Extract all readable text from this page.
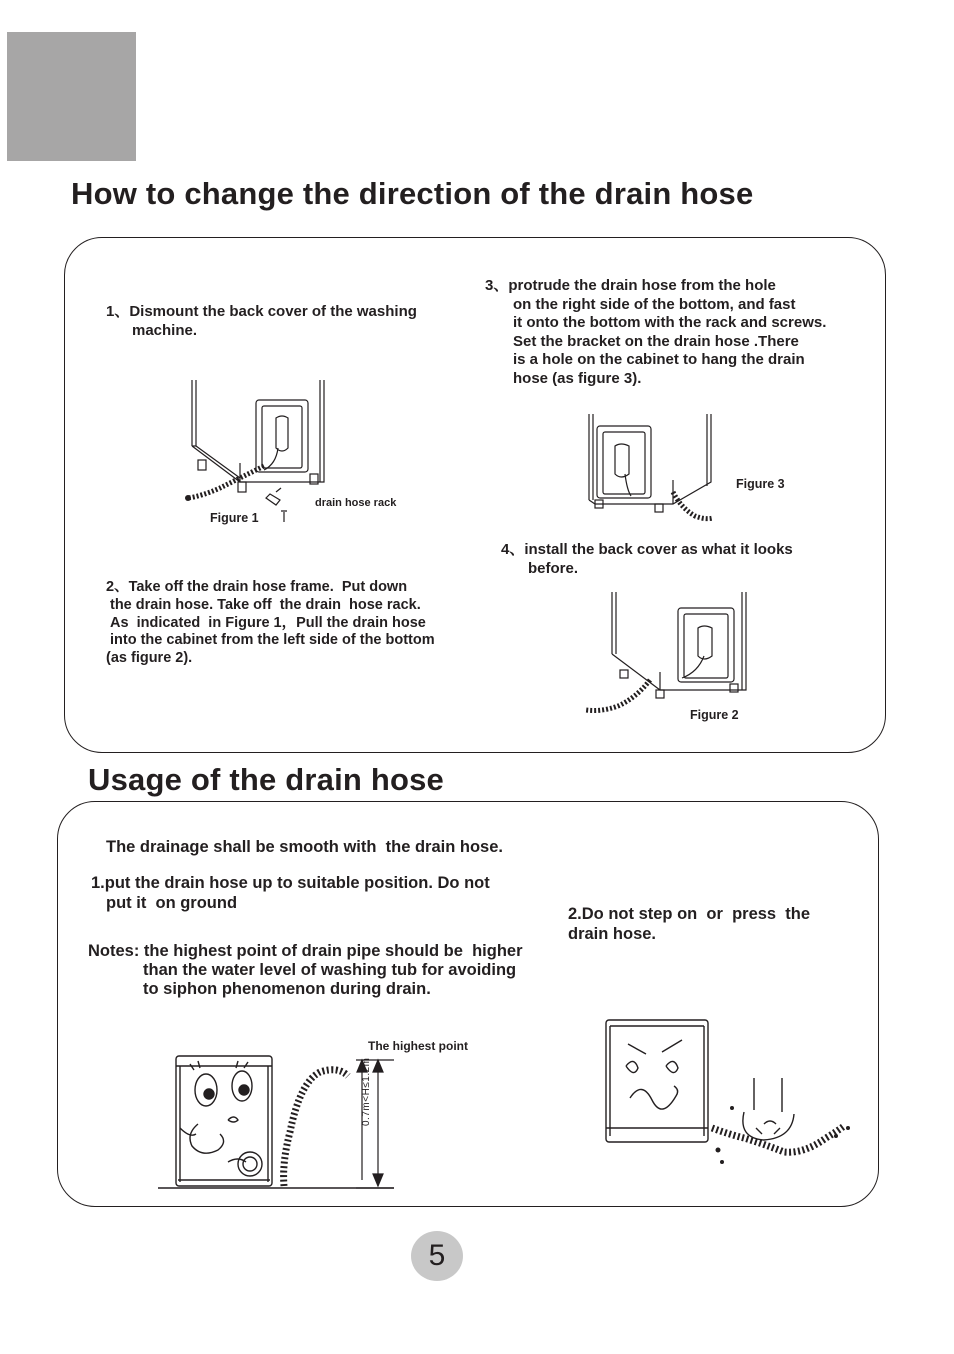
How to change the direction of the drain hose
1、Dismount the back cover of the washing
machine.
drain hose rack
Figure 1
2、Take off the drain hose frame.  Put down
the drain hose. Take off  the drain  hose rack.
As  indicated  in Figure 1，Pull the drain hose
into the cabinet from the left side of the bottom
(as figure 2).
3、protrude the drain hose from the hole
on the right side of the bottom, and fast
it onto the bottom with the rack and screws.
Set the bracket on the drain hose .There
is a hole on the cabinet to hang the drain
hose (as figure 3).
Figure 3
4、install the back cover as what it looks
before.
Figure 2
Usage of the drain hose
The drainage shall be smooth with  the drain hose.
1.put the drain hose up to suitable position. Do not
put it  on ground
Notes: the highest point of drain pipe should be  higher
than the water level of washing tub for avoiding
to siphon phenomenon during drain.
2.Do not step on  or  press  the
drain hose.
The highest point
0.7m<H≤1.2m
5
